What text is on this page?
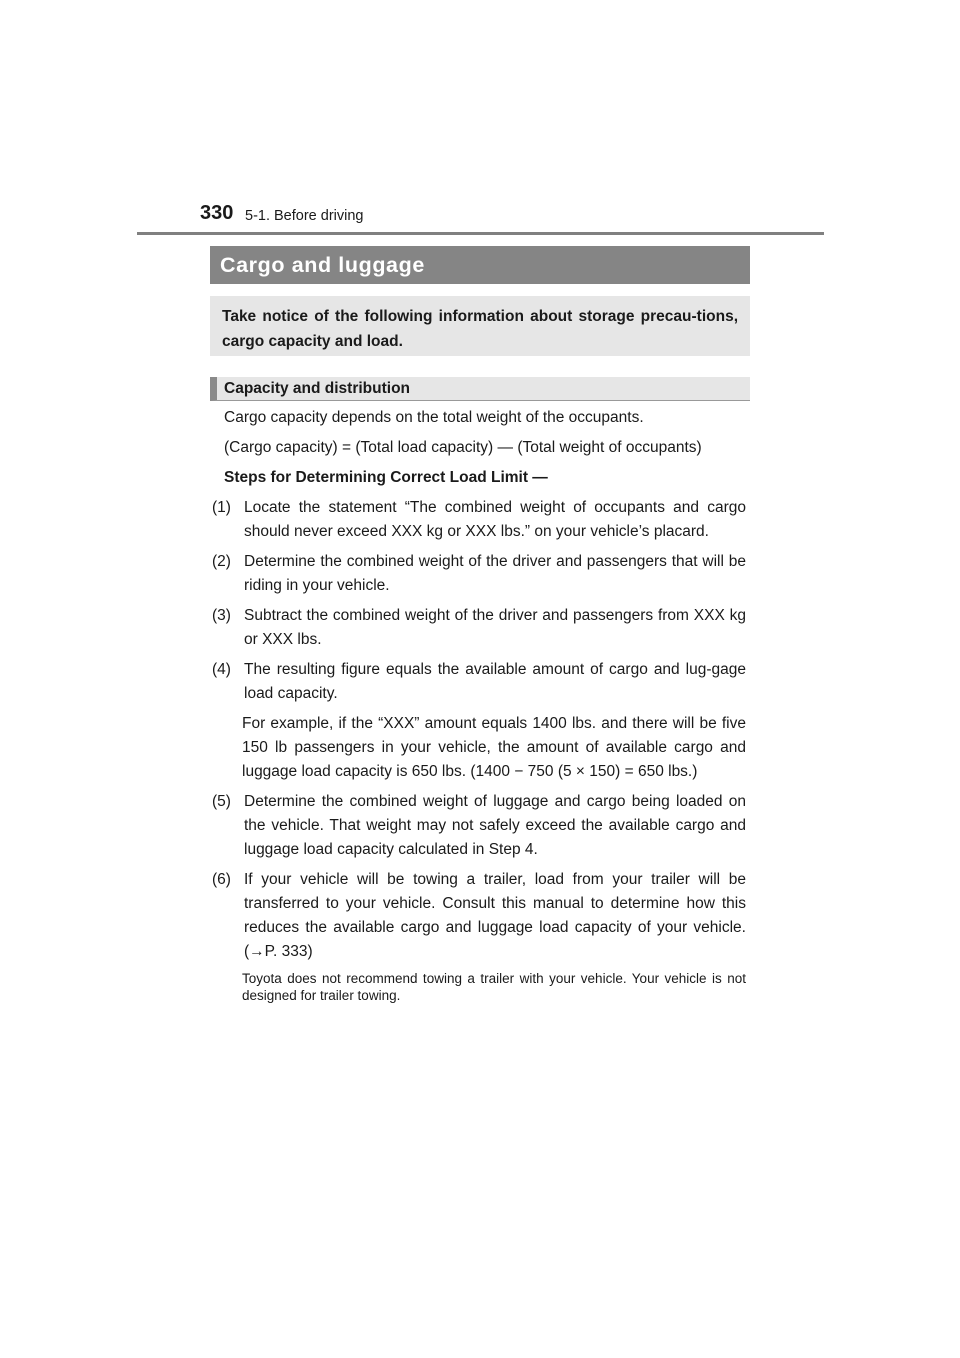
330 5-1. Before driving
Cargo and luggage

Take notice of the following information about storage precau-tions, cargo capacity and load.

Capacity and distribution
Cargo capacity depends on the total weight of the occupants.
(Cargo capacity) = (Total load capacity) — (Total weight of occupants)
Steps for Determining Correct Load Limit —
(1) Locate the statement “The combined weight of occupants and cargo should never exceed XXX kg or XXX lbs.” on your vehicle’s placard.
(2) Determine the combined weight of the driver and passengers that will be riding in your vehicle.
(3) Subtract the combined weight of the driver and passengers from XXX kg or XXX lbs.
(4) The resulting figure equals the available amount of cargo and lug-gage load capacity.
For example, if the “XXX” amount equals 1400 lbs. and there will be five 150 lb passengers in your vehicle, the amount of available cargo and luggage load capacity is 650 lbs. (1400 − 750 (5 × 150) = 650 lbs.)
(5) Determine the combined weight of luggage and cargo being loaded on the vehicle. That weight may not safely exceed the available cargo and luggage load capacity calculated in Step 4.
(6) If your vehicle will be towing a trailer, load from your trailer will be transferred to your vehicle. Consult this manual to determine how this reduces the available cargo and luggage load capacity of your vehicle. (→P. 333)
Toyota does not recommend towing a trailer with your vehicle. Your vehicle is not designed for trailer towing.
